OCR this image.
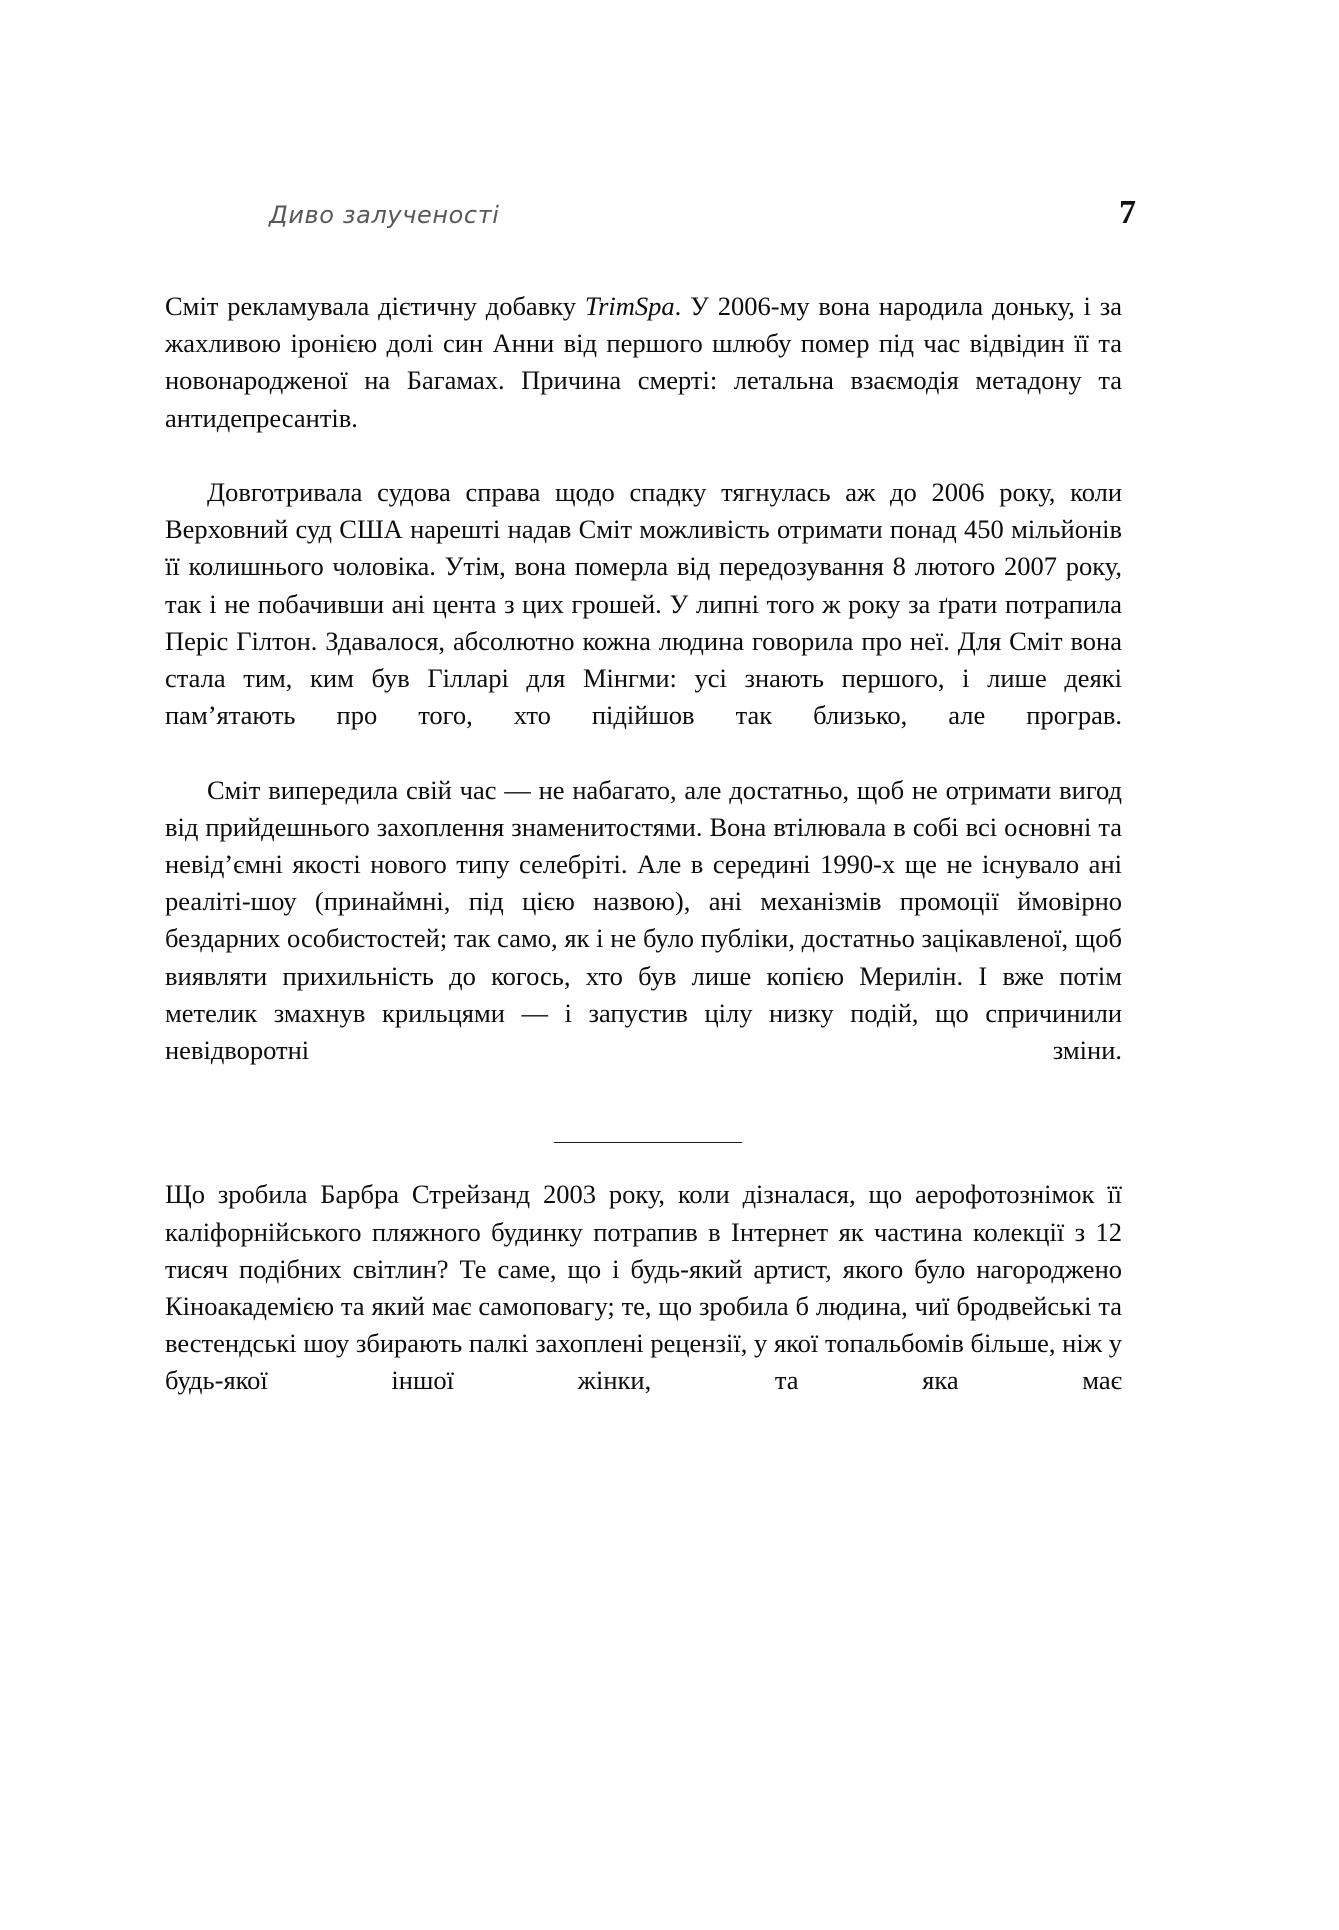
Диво залученості	7

Сміт рекламувала дієтичну добавку TrimSpa. У 2006-му вона народила доньку, і за жахливою іронією долі син Анни від першого шлюбу помер під час відвідин її та новонародженої на Багамах. Причина смерті: летальна взаємодія метадону та антидепресантів.

Довготривала судова справа щодо спадку тягнулась аж до 2006 року, коли Верховний суд США нарешті надав Сміт можливість отримати понад 450 мільйонів її колишнього чоловіка. Утім, вона померла від передозування 8 лютого 2007 року, так і не побачивши ані цента з цих грошей. У липні того ж року за ґрати потрапила Періс Гілтон. Здавалося, абсолютно кожна людина говорила про неї. Для Сміт вона стала тим, ким був Гілларі для Мінгми: усі знають першого, і лише деякі пам’ятають про того, хто підійшов так близько, але програв.

Сміт випередила свій час — не набагато, але достатньо, щоб не отримати вигод від прийдешнього захоплення знаменитостями. Вона втілювала в собі всі основні та невід’ємні якості нового типу селебріті. Але в середині 1990-х ще не існувало ані реаліті-шоу (принаймні, під цією назвою), ані механізмів промоції ймовірно бездарних особистостей; так само, як і не було публіки, достатньо зацікавленої, щоб виявляти прихильність до когось, хто був лише копією Мерилін. І вже потім метелик змахнув крильцями — і запустив цілу низку подій, що спричинили невідворотні зміни.

Що зробила Барбра Стрейзанд 2003 року, коли дізналася, що аерофотознімок її каліфорнійського пляжного будинку потрапив в Інтернет як частина колекції з 12 тисяч подібних світлин? Те саме, що і будь-який артист, якого було нагороджено Кіноакадемією та який має самоповагу; те, що зробила б людина, чиї бродвейські та вестендські шоу збирають палкі захоплені рецензії, у якої топальбомів більше, ніж у будь-якої іншої жінки, та яка має
